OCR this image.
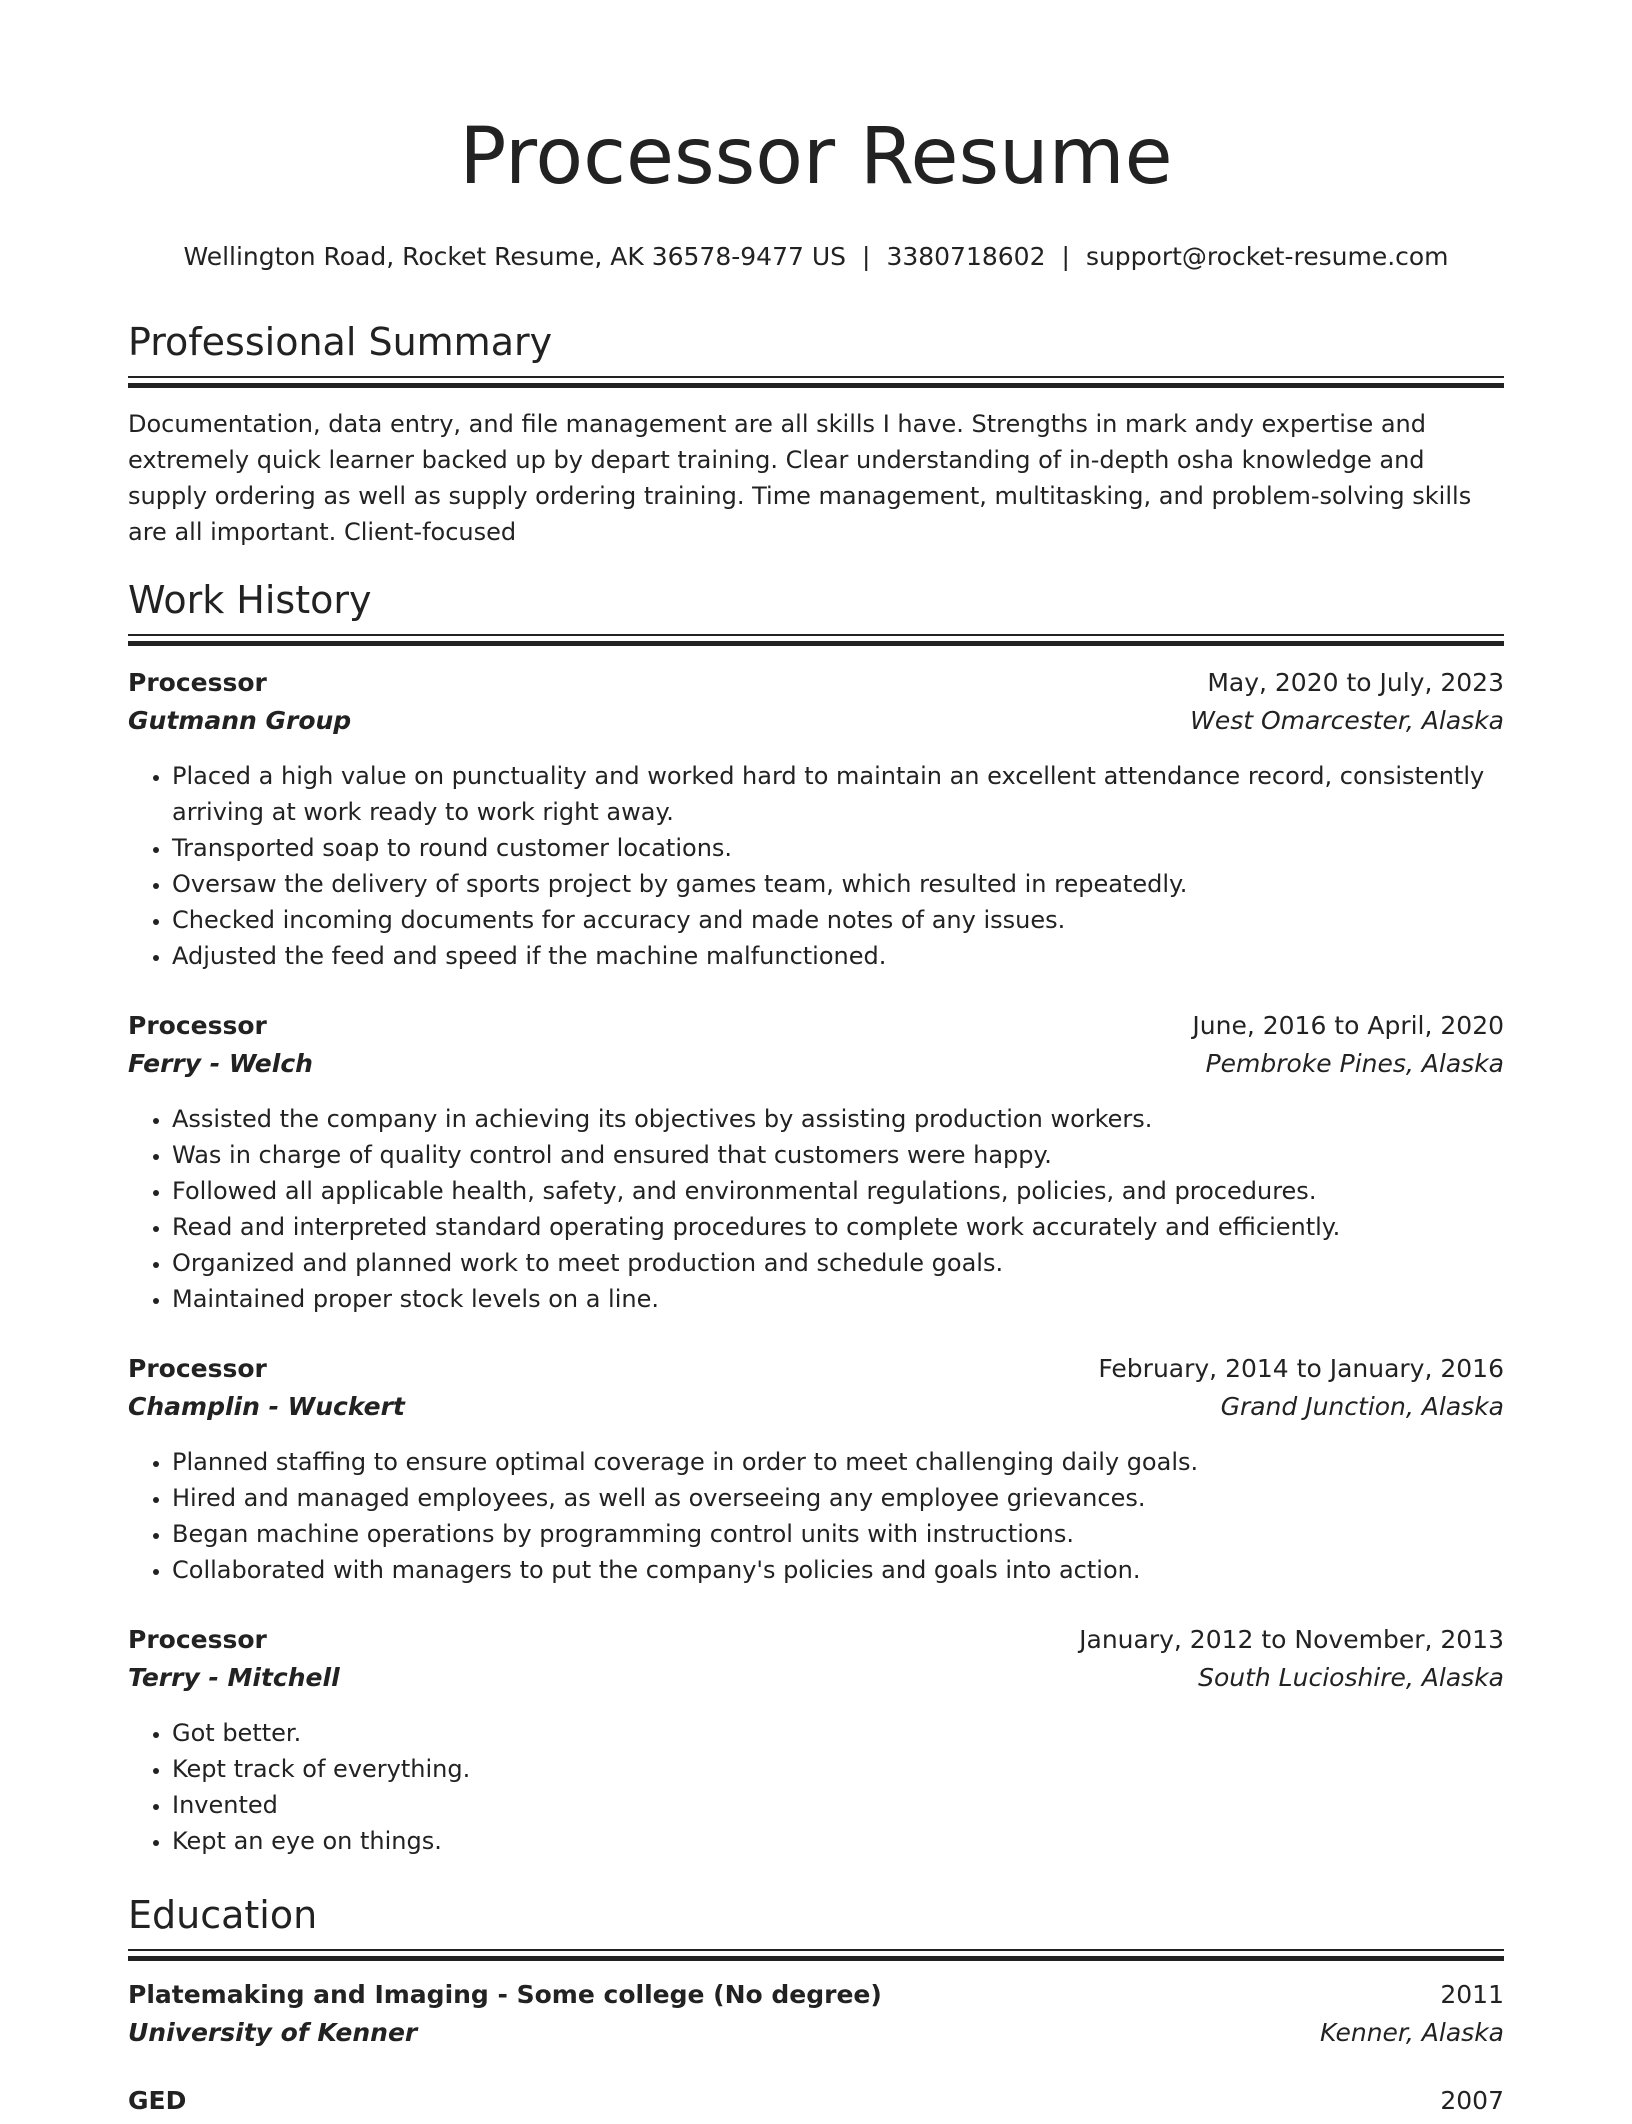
Processor Resume
Wellington Road, Rocket Resume, AK 36578-9477 US | 3380718602 | support@rocket-resume.com
Professional Summary
Documentation, data entry, and file management are all skills I have. Strengths in mark andy expertise and extremely quick learner backed up by depart training. Clear understanding of in-depth osha knowledge and supply ordering as well as supply ordering training. Time management, multitasking, and problem-solving skills are all important. Client-focused
Work History
Processor	May, 2020 to July, 2023
Gutmann Group	West Omarcester, Alaska
• Placed a high value on punctuality and worked hard to maintain an excellent attendance record, consistently arriving at work ready to work right away.
• Transported soap to round customer locations.
• Oversaw the delivery of sports project by games team, which resulted in repeatedly.
• Checked incoming documents for accuracy and made notes of any issues.
• Adjusted the feed and speed if the machine malfunctioned.
Processor	June, 2016 to April, 2020
Ferry - Welch	Pembroke Pines, Alaska
• Assisted the company in achieving its objectives by assisting production workers.
• Was in charge of quality control and ensured that customers were happy.
• Followed all applicable health, safety, and environmental regulations, policies, and procedures.
• Read and interpreted standard operating procedures to complete work accurately and efficiently.
• Organized and planned work to meet production and schedule goals.
• Maintained proper stock levels on a line.
Processor	February, 2014 to January, 2016
Champlin - Wuckert	Grand Junction, Alaska
• Planned staffing to ensure optimal coverage in order to meet challenging daily goals.
• Hired and managed employees, as well as overseeing any employee grievances.
• Began machine operations by programming control units with instructions.
• Collaborated with managers to put the company's policies and goals into action.
Processor	January, 2012 to November, 2013
Terry - Mitchell	South Lucioshire, Alaska
• Got better.
• Kept track of everything.
• Invented
• Kept an eye on things.
Education
Platemaking and Imaging - Some college (No degree)	2011
University of Kenner	Kenner, Alaska
GED	2007
